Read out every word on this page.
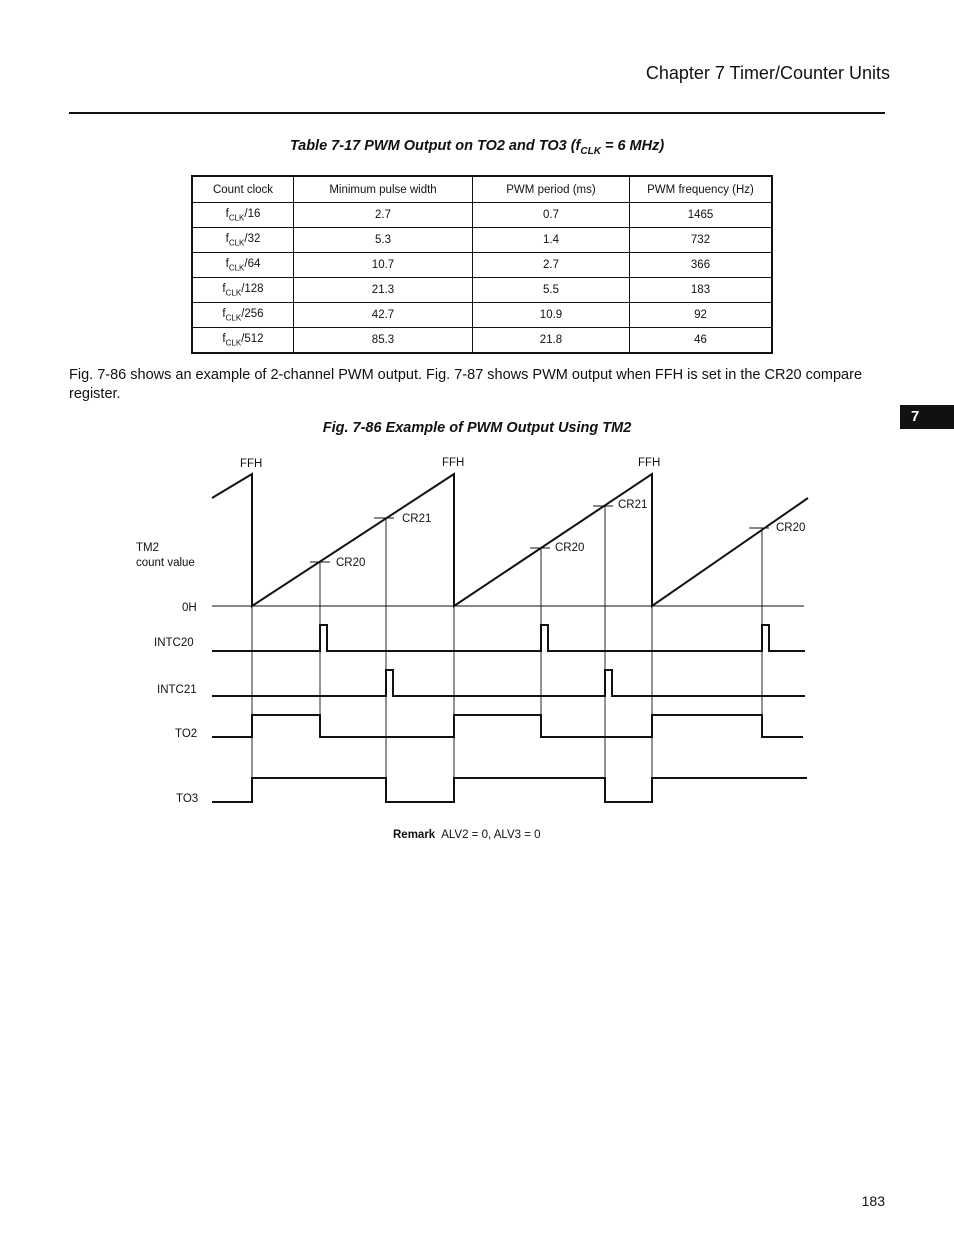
Chapter 7 Timer/Counter Units
Table 7-17 PWM Output on TO2 and TO3 ($f_{CLK} = 6$ MHz)
Count clock	Minimum pulse width	PWM period (ms)	PWM frequency (Hz)
$f_{CLK}/16$	2.7	0.7	1465
$f_{CLK}/32$	5.3	1.4	732
$f_{CLK}/64$	10.7	2.7	366
$f_{CLK}/128$	21.3	5.5	183
$f_{CLK}/256$	42.7	10.9	92
$f_{CLK}/512$	85.3	21.8	46
Fig. 7-86 shows an example of 2-channel PWM output. Fig. 7-87 shows PWM output when FFH is set in the CR20 compare register.
7
Fig. 7-86 Example of PWM Output Using TM2
FFH	FFH	FFH
CR21
CR20
CR20
CR21
CR20
TM2
count value
0H
INTC20
INTC21
TO2
TO3
Remark ALV2 = 0, ALV3 = 0
183
